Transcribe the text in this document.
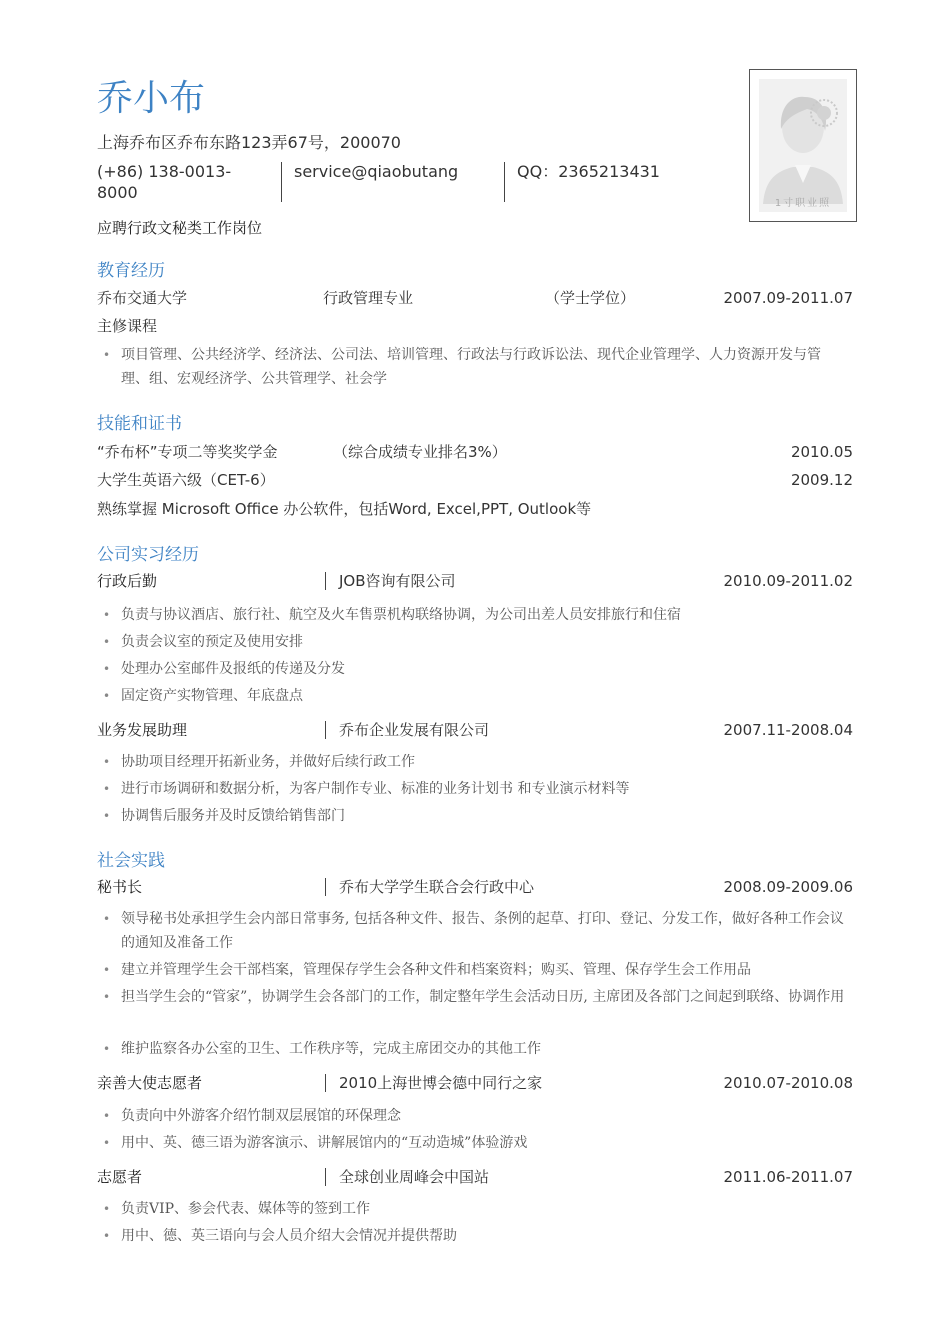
乔小布
上海乔布区乔布东路123弄67号，200070
(+86) 138-0013-8000
service@qiaobutang	QQ：2365213431
应聘行政文秘类工作岗位
1寸职业照
教育经历
乔布交通大学	行政管理专业	（学士学位）	2007.09-2011.07
主修课程
• 项目管理、公共经济学、经济法、公司法、培训管理、行政法与行政诉讼法、现代企业管理学、人力资源开发与管理、组、宏观经济学、公共管理学、社会学
技能和证书
“乔布杯”专项二等奖奖学金	（综合成绩专业排名3%）	2010.05
大学生英语六级（CET-6）	2009.12
熟练掌握 Microsoft Office 办公软件，包括Word, Excel,PPT, Outlook等
公司实习经历
行政后勤	JOB咨询有限公司	2010.09-2011.02
• 负责与协议酒店、旅行社、航空及火车售票机构联络协调，为公司出差人员安排旅行和住宿
• 负责会议室的预定及使用安排
• 处理办公室邮件及报纸的传递及分发
• 固定资产实物管理、年底盘点
业务发展助理	乔布企业发展有限公司	2007.11-2008.04
• 协助项目经理开拓新业务，并做好后续行政工作
• 进行市场调研和数据分析，为客户制作专业、标准的业务计划书 和专业演示材料等
• 协调售后服务并及时反馈给销售部门
社会实践
秘书长	乔布大学学生联合会行政中心	2008.09-2009.06
• 领导秘书处承担学生会内部日常事务, 包括各种文件、报告、条例的起草、打印、登记、分发工作，做好各种工作会议的通知及准备工作
• 建立并管理学生会干部档案，管理保存学生会各种文件和档案资料；购买、管理、保存学生会工作用品
• 担当学生会的“管家”，协调学生会各部门的工作，制定整年学生会活动日历, 主席团及各部门之间起到联络、协调作用
• 维护监察各办公室的卫生、工作秩序等，完成主席团交办的其他工作
亲善大使志愿者	2010上海世博会德中同行之家	2010.07-2010.08
• 负责向中外游客介绍竹制双层展馆的环保理念
• 用中、英、德三语为游客演示、讲解展馆内的“互动造城”体验游戏
志愿者	全球创业周峰会中国站	2011.06-2011.07
• 负责VIP、参会代表、媒体等的签到工作
• 用中、德、英三语向与会人员介绍大会情况并提供帮助
